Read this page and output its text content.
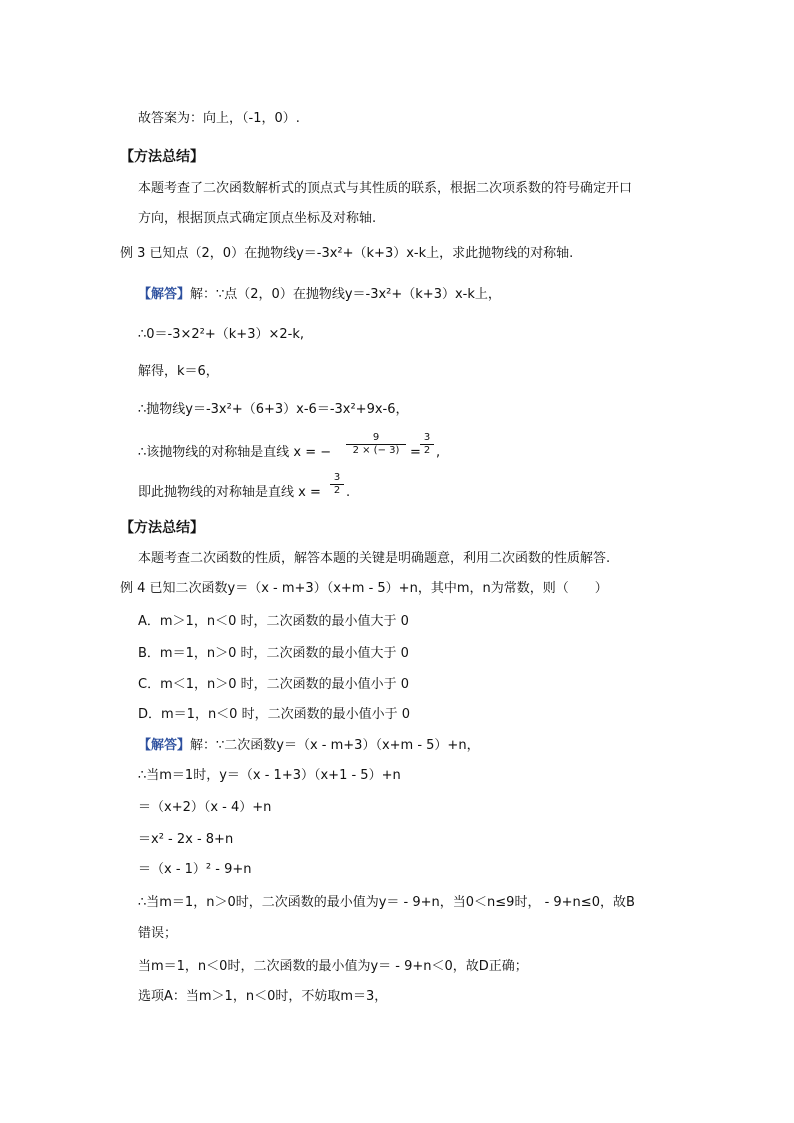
故答案为：向上，（-1，0）.
【方法总结】
本题考查了二次函数解析式的顶点式与其性质的联系，根据二次项系数的符号确定开口
方向，根据顶点式确定顶点坐标及对称轴.
例 3 已知点（2，0）在抛物线y＝-3x²+（k+3）x-k上，求此抛物线的对称轴.
【解答】解：∵点（2，0）在抛物线y＝-3x²+（k+3）x-k上，
∴0＝-3×2²+（k+3）×2-k,
解得，k＝6，
∴抛物线y＝-3x²+（6+3）x-6＝-3x²+9x-6，
∴该抛物线的对称轴是直线 x = − $\frac{9}{2 \times (- 3)} = \frac{3}{2}$ ,
即此抛物线的对称轴是直线 $x = \frac{3}{2}$ .
【方法总结】
本题考查二次函数的性质，解答本题的关键是明确题意，利用二次函数的性质解答.
例 4 已知二次函数y＝（x - m+3）（x+m - 5）+n，其中m，n为常数，则（　　）
A．m＞1，n＜0 时，二次函数的最小值大于 0
B．m＝1，n＞0 时，二次函数的最小值大于 0
C．m＜1，n＞0 时，二次函数的最小值小于 0
D．m＝1，n＜0 时，二次函数的最小值小于 0
【解答】解：∵二次函数y＝（x - m+3）（x+m - 5）+n，
∴当m＝1时，y＝（x - 1+3）（x+1 - 5）+n
＝（x+2）（x - 4）+n
＝x² - 2x - 8+n
＝（x - 1）² - 9+n
∴当m＝1，n＞0时，二次函数的最小值为y＝ - 9+n，当0＜n≤9时， - 9+n≤0，故B
错误；
当m＝1，n＜0时，二次函数的最小值为y＝ - 9+n＜0，故D正确；
选项A：当m＞1，n＜0时，不妨取m＝3，
